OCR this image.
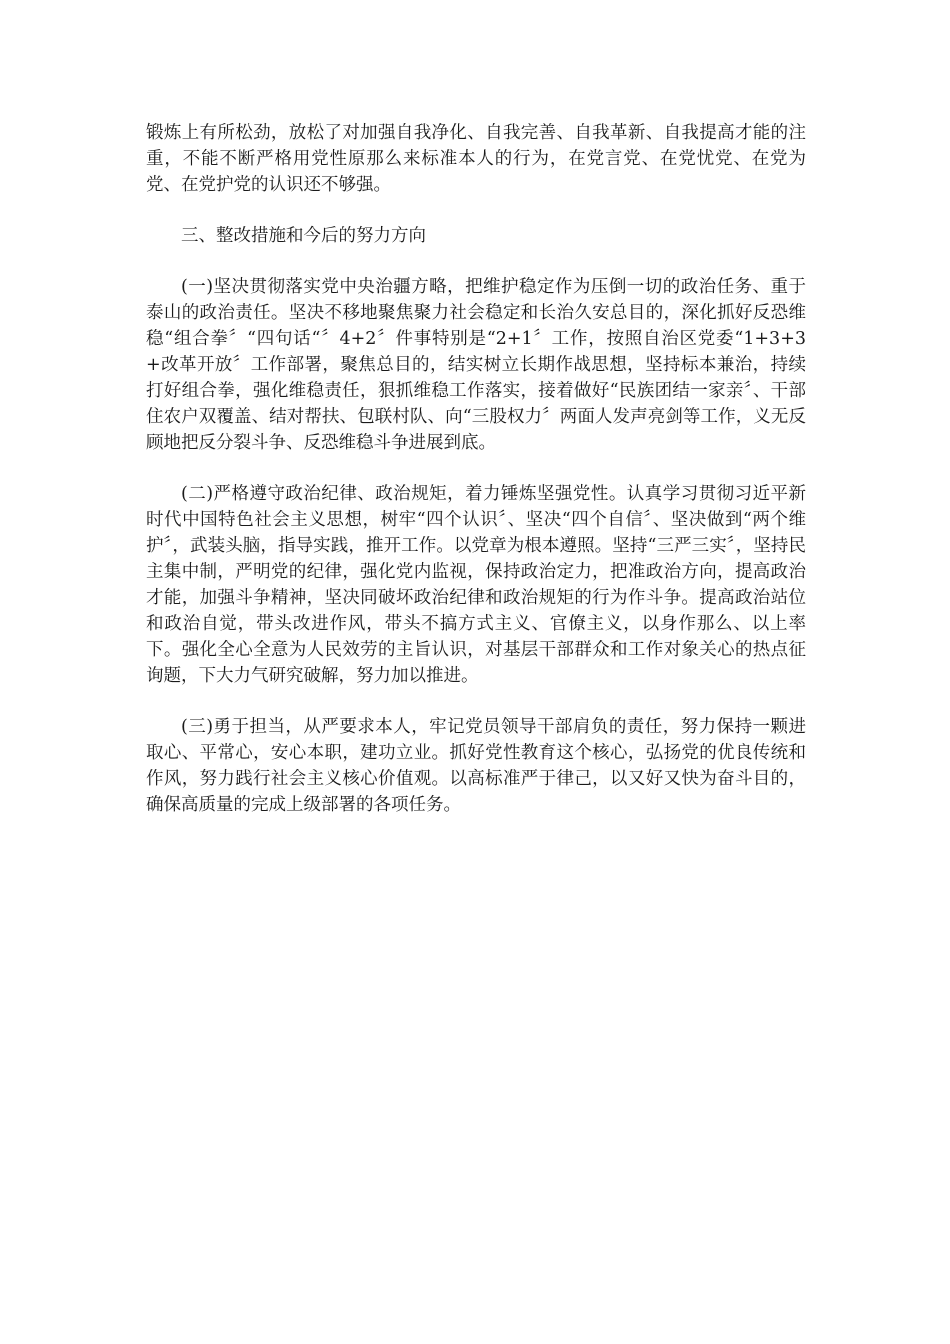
锻炼上有所松劲，放松了对加强自我净化、自我完善、自我革新、自我提高才能的注重，不能不断严格用党性原那么来标准本人的行为，在党言党、在党忧党、在党为党、在党护党的认识还不够强。

三、整改措施和今后的努力方向

(一)坚决贯彻落实党中央治疆方略，把维护稳定作为压倒一切的政治任务、重于泰山的政治责任。坚决不移地聚焦聚力社会稳定和长治久安总目的，深化抓好反恐维稳“组合拳〞“四句话“〞4+2〞件事特别是“2+1〞工作，按照自治区党委“1+3+3+改革开放〞工作部署，聚焦总目的，结实树立长期作战思想，坚持标本兼治，持续打好组合拳，强化维稳责任，狠抓维稳工作落实，接着做好“民族团结一家亲〞、干部住农户双覆盖、结对帮扶、包联村队、向“三股权力〞两面人发声亮剑等工作，义无反顾地把反分裂斗争、反恐维稳斗争进展到底。

(二)严格遵守政治纪律、政治规矩，着力锤炼坚强党性。认真学习贯彻习近平新时代中国特色社会主义思想，树牢“四个认识〞、坚决“四个自信〞、坚决做到“两个维护〞，武装头脑，指导实践，推开工作。以党章为根本遵照。坚持“三严三实〞，坚持民主集中制，严明党的纪律，强化党内监视，保持政治定力，把准政治方向，提高政治才能，加强斗争精神，坚决同破坏政治纪律和政治规矩的行为作斗争。提高政治站位和政治自觉，带头改进作风，带头不搞方式主义、官僚主义，以身作那么、以上率下。强化全心全意为人民效劳的主旨认识，对基层干部群众和工作对象关心的热点征询题，下大力气研究破解，努力加以推进。

(三)勇于担当，从严要求本人，牢记党员领导干部肩负的责任，努力保持一颗进取心、平常心，安心本职，建功立业。抓好党性教育这个核心，弘扬党的优良传统和作风，努力践行社会主义核心价值观。以高标准严于律己，以又好又快为奋斗目的，确保高质量的完成上级部署的各项任务。
